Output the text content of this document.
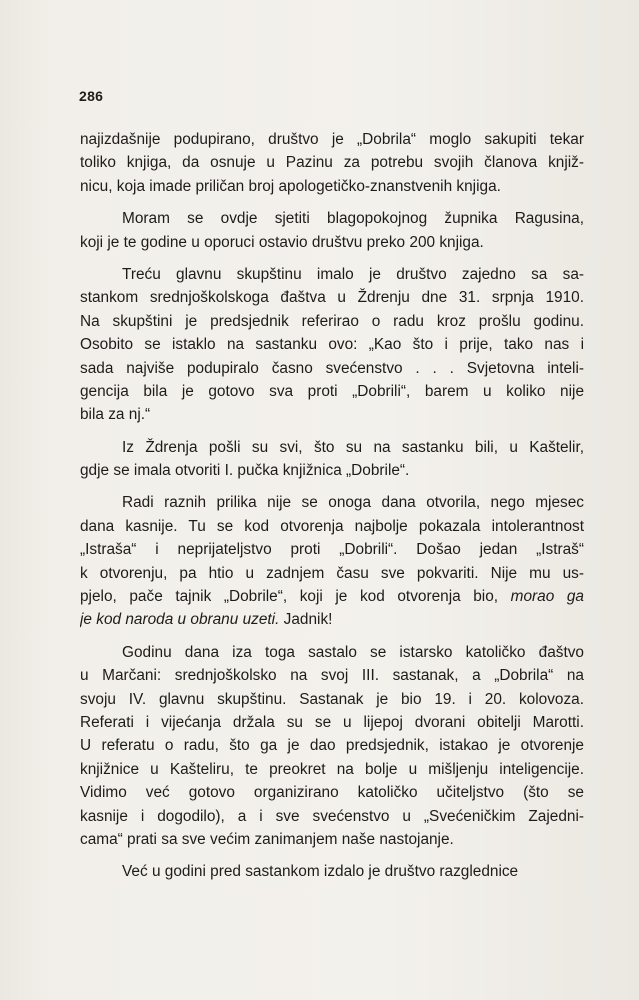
286
najizdašnije podupirano, društvo je „Dobrila“ moglo sakupiti tekar
toliko knjiga, da osnuje u Pazinu za potrebu svojih članova knjiž-
nicu, koja imade priličan broj apologetičko-znanstvenih knjiga.
Moram se ovdje sjetiti blagopokojnog župnika Ragusina,
koji je te godine u oporuci ostavio društvu preko 200 knjiga.
Treću glavnu skupštinu imalo je društvo zajedno sa sa-
stankom srednjoškolskoga đaštva u Ždrenju dne 31. srpnja 1910.
Na skupštini je predsjednik referirao o radu kroz prošlu godinu.
Osobito se istaklo na sastanku ovo: „Kao što i prije, tako nas i
sada najviše podupiralo časno svećenstvo . . . Svjetovna inteli-
gencija bila je gotovo sva proti „Dobrili“, barem u koliko nije
bila za nj.“
Iz Ždrenja pošli su svi, što su na sastanku bili, u Kaštelir,
gdje se imala otvoriti I. pučka knjižnica „Dobrile“.
Radi raznih prilika nije se onoga dana otvorila, nego mjesec
dana kasnije. Tu se kod otvorenja najbolje pokazala intolerantnost
„Istraša“ i neprijateljstvo proti „Dobrili“. Došao jedan „Istraš“
k otvorenju, pa htio u zadnjem času sve pokvariti. Nije mu us-
pjelo, pače tajnik „Dobrile“, koji je kod otvorenja bio, morao ga
je kod naroda u obranu uzeti. Jadnik!
Godinu dana iza toga sastalo se istarsko katoličko đaštvo
u Marčani: srednjoškolsko na svoj III. sastanak, a „Dobrila“ na
svoju IV. glavnu skupštinu. Sastanak je bio 19. i 20. kolovoza.
Referati i vijećanja držala su se u lijepoj dvorani obitelji Marotti.
U referatu o radu, što ga je dao predsjednik, istakao je otvorenje
knjižnice u Kašteliru, te preokret na bolje u mišljenju inteligencije.
Vidimo već gotovo organizirano katoličko učiteljstvo (što se
kasnije i dogodilo), a i sve svećenstvo u „Svećeničkim Zajedni-
cama“ prati sa sve većim zanimanjem naše nastojanje.
Već u godini pred sastankom izdalo je društvo razglednice
